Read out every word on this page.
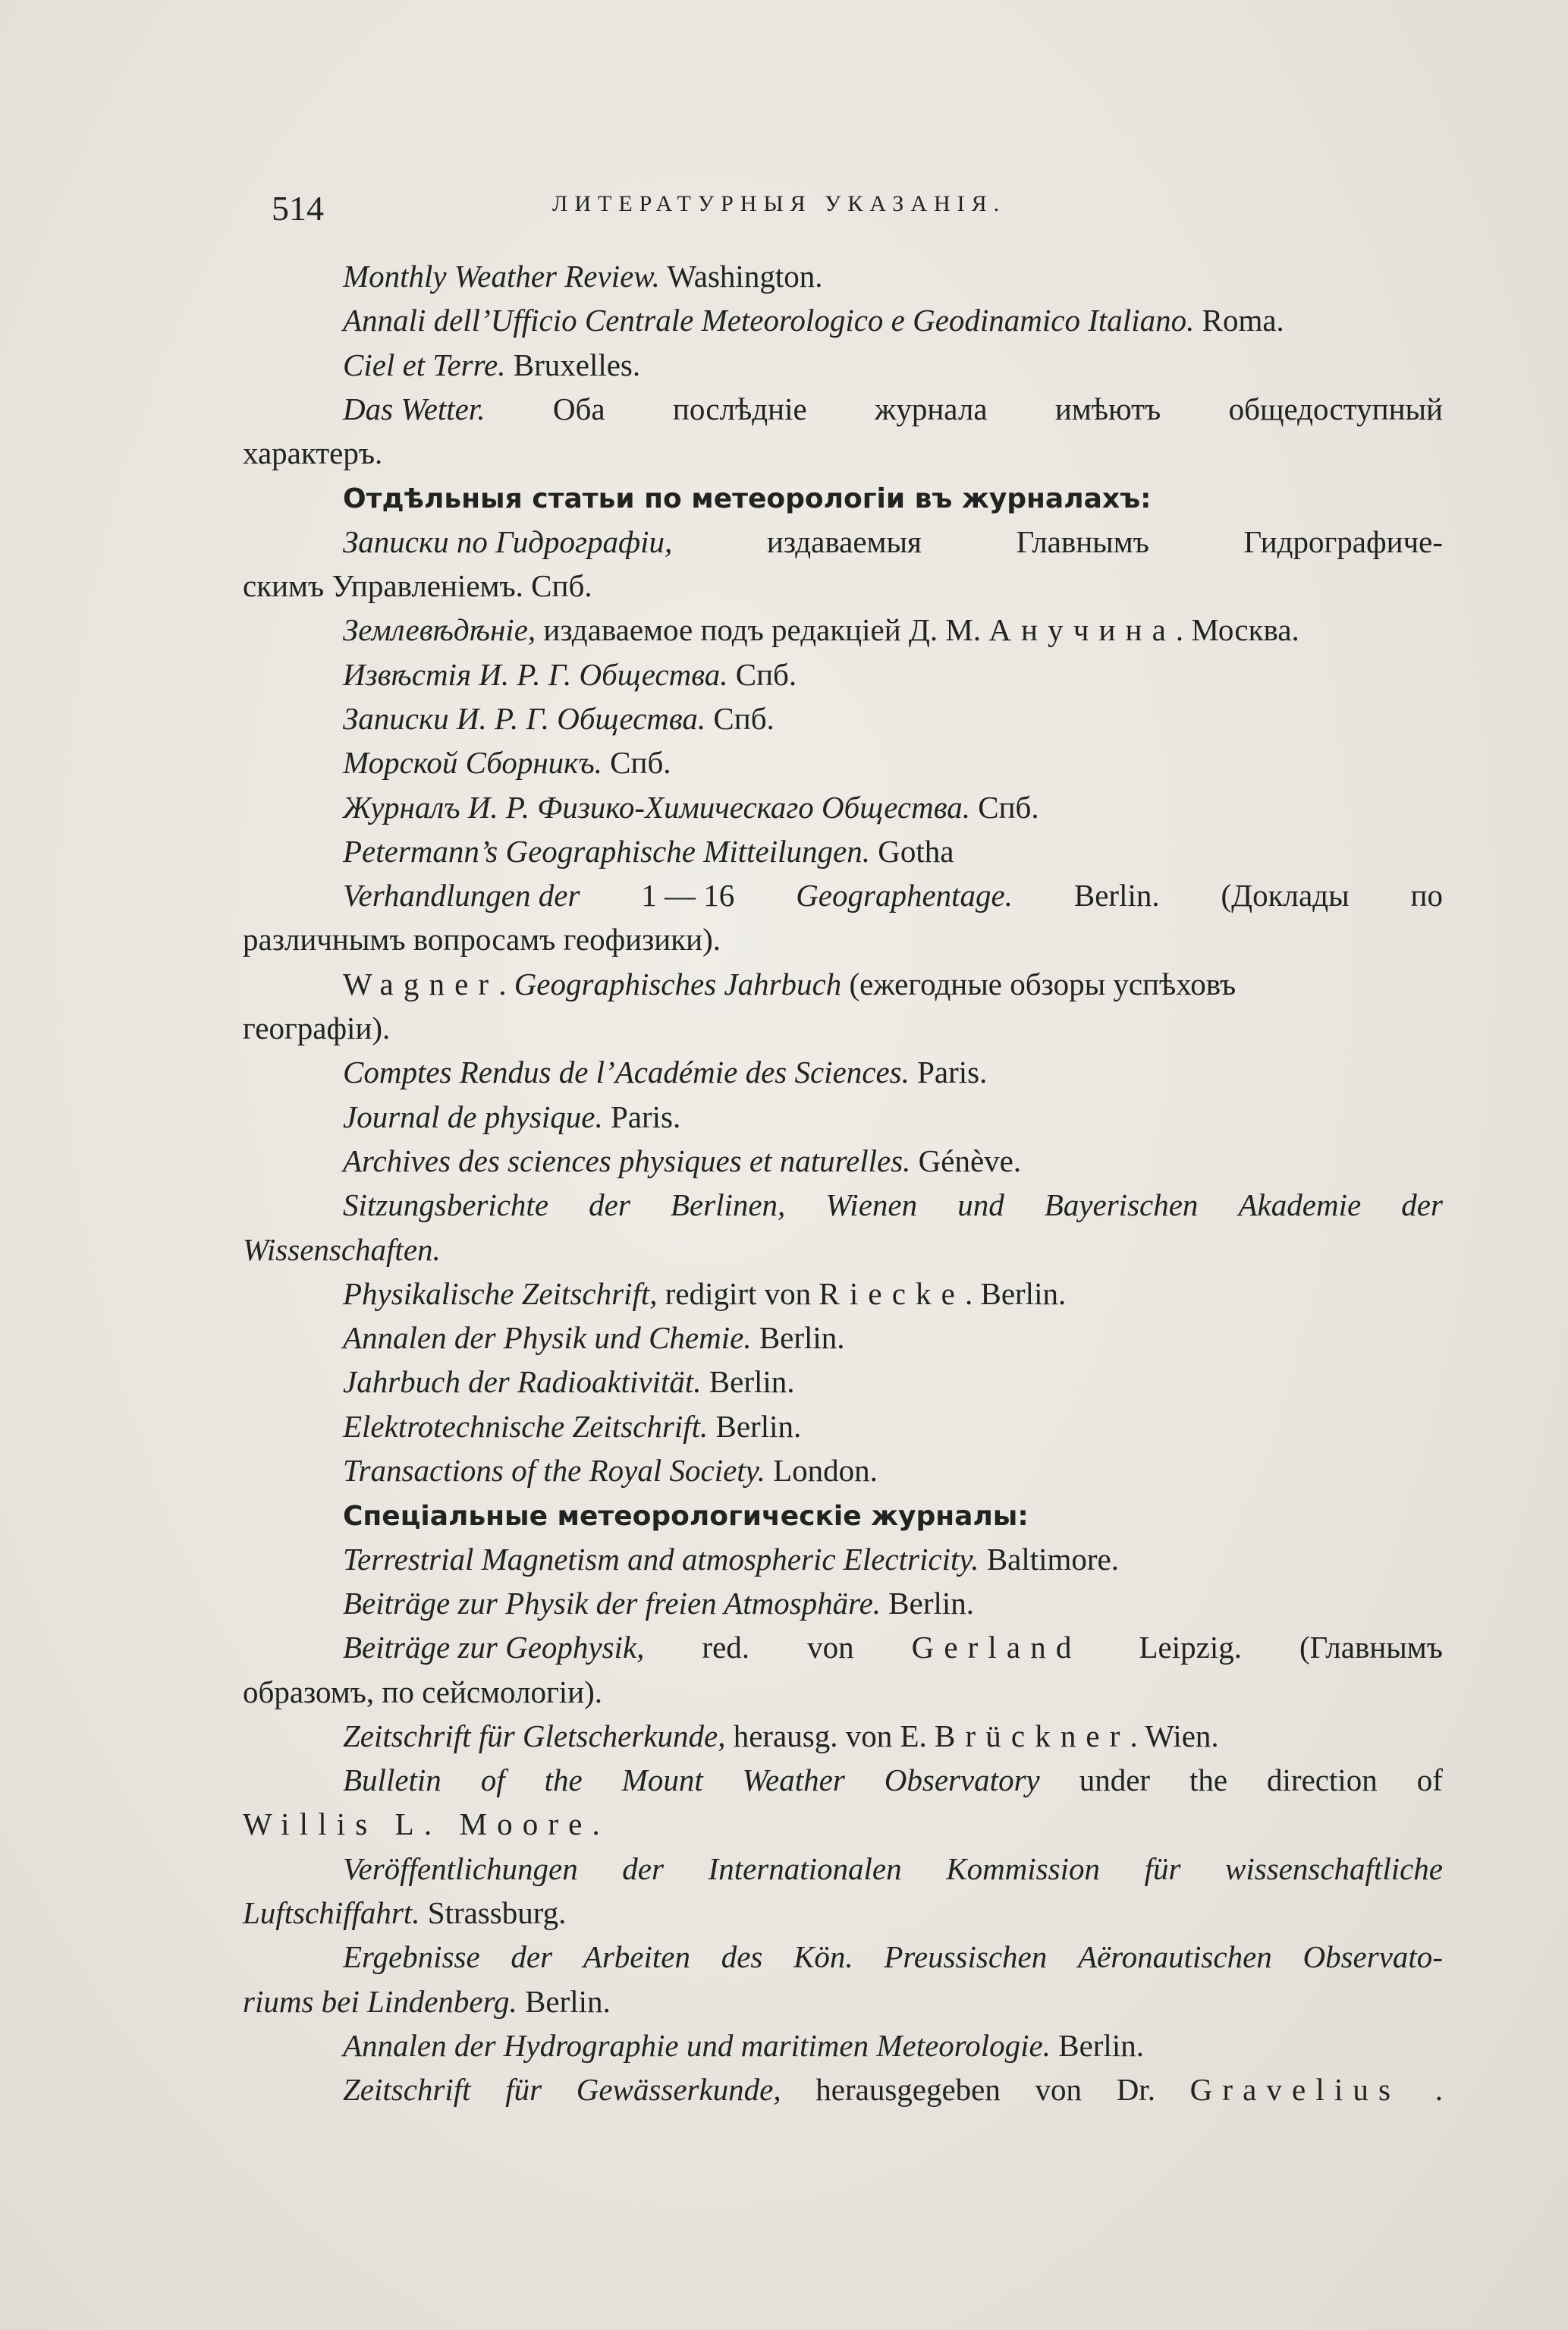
514	ЛИТЕРАТУРНЫЯ УКАЗАНІЯ.
Monthly Weather Review. Washington.
Annali dell’Ufficio Centrale Meteorologico e Geodinamico Italiano. Roma.
Ciel et Terre. Bruxelles.
Das Wetter. Оба послѣдніе журнала имѣютъ общедоступный
характеръ.
Отдѣльныя статьи по метеорологіи въ журналахъ:
Записки по Гидрографіи,	издаваемыя	Главнымъ	Гидрографиче-
скимъ Управленіемъ. Спб.
Землевѣдѣніе, издаваемое подъ редакціей Д. М. Анучина. Москва.
Извѣстія И. Р. Г. Общества. Спб.
Записки И. Р. Г. Общества. Спб.
Морской Сборникъ. Спб.
Журналъ И. Р. Физико-Химическаго Общества. Спб.
Petermann’s Geographische Mitteilungen. Gotha
Verhandlungen der 1 — 16 Geographentage. Berlin. (Доклады по
различнымъ вопросамъ геофизики).
Wagner. Geographisches Jahrbuch (ежегодные обзоры успѣховъ
географіи).
Comptes Rendus de l’Académie des Sciences. Paris.
Journal de physique. Paris.
Archives des sciences physiques et naturelles. Génève.
Sitzungsberichte der Berlinen, Wienen und Bayerischen Akademie der
Wissenschaften.
Physikalische Zeitschrift, redigirt von Riecke. Berlin.
Annalen der Physik und Chemie. Berlin.
Jahrbuch der Radioaktivität. Berlin.
Elektrotechnische Zeitschrift. Berlin.
Transactions of the Royal Society. London.
Спеціальные метеорологическіе журналы:
Terrestrial Magnetism and atmospheric Electricity. Baltimore.
Beiträge zur Physik der freien Atmosphäre. Berlin.
Beiträge zur Geophysik, red. von Gerland Leipzig. (Главнымъ
образомъ, по сейсмологіи).
Zeitschrift für Gletscherkunde, herausg. von E. Brückner. Wien.
Bulletin of the Mount Weather Observatory under the direction of
Willis L. Moore.
Veröffentlichungen der Internationalen Kommission für wissenschaftliche
Luftschiffahrt. Strassburg.
Ergebnisse der Arbeiten des Kön. Preussischen Aëronautischen Observato-
riums bei Lindenberg. Berlin.
Annalen der Hydrographie und maritimen Meteorologie. Berlin.
Zeitschrift für Gewässerkunde, herausgegeben von Dr. Gravelius .
